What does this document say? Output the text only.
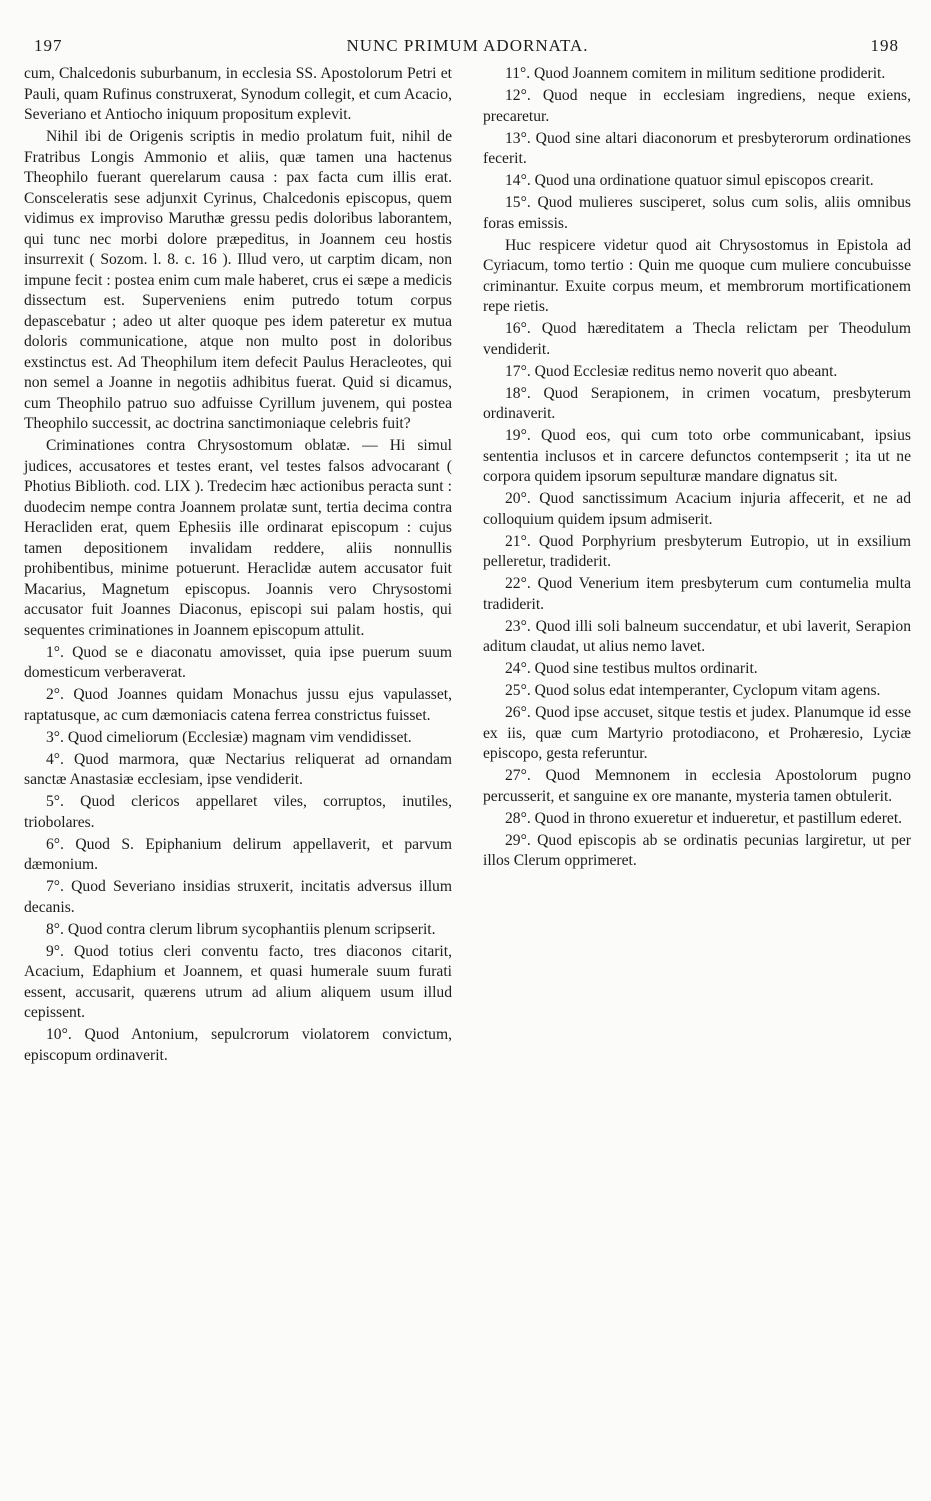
197	NUNC PRIMUM ADORNATA.	198

cum, Chalcedonis suburbanum, in ecclesia SS. Apostolorum Petri et Pauli, quam Rufinus construxerat, Synodum collegit, et cum Acacio, Severiano et Antiocho iniquum propositum explevit.

Nihil ibi de Origenis scriptis in medio prolatum fuit, nihil de Fratribus Longis Ammonio et aliis, quæ tamen una hactenus Theophilo fuerant querelarum causa : pax facta cum illis erat. Consceleratis sese adjunxit Cyrinus, Chalcedonis episcopus, quem vidimus ex improviso Maruthæ gressu pedis doloribus laborantem, qui tunc nec morbi dolore præpeditus, in Joannem ceu hostis insurrexit ( Sozom. l. 8. c. 16 ). Illud vero, ut carptim dicam, non impune fecit : postea enim cum male haberet, crus ei sæpe a medicis dissectum est. Superveniens enim putredo totum corpus depascebatur ; adeo ut alter quoque pes idem pateretur ex mutua doloris communicatione, atque non multo post in doloribus exstinctus est. Ad Theophilum item defecit Paulus Heracleotes, qui non semel a Joanne in negotiis adhibitus fuerat. Quid si dicamus, cum Theophilo patruo suo adfuisse Cyrillum juvenem, qui postea Theophilo successit, ac doctrina sanctimoniaque celebris fuit?

Criminationes contra Chrysostomum oblatæ. — Hi simul judices, accusatores et testes erant, vel testes falsos advocarant ( Photius Biblioth. cod. LIX ). Tredecim hæc actionibus peracta sunt : duodecim nempe contra Joannem prolatæ sunt, tertia decima contra Heracliden erat, quem Ephesiis ille ordinarat episcopum : cujus tamen depositionem invalidam reddere, aliis nonnullis prohibentibus, minime potuerunt. Heraclidæ autem accusator fuit Macarius, Magnetum episcopus. Joannis vero Chrysostomi accusator fuit Joannes Diaconus, episcopi sui palam hostis, qui sequentes criminationes in Joannem episcopum attulit.

1°. Quod se e diaconatu amovisset, quia ipse puerum suum domesticum verberaverat.

2°. Quod Joannes quidam Monachus jussu ejus vapulasset, raptatusque, ac cum dæmoniacis catena ferrea constrictus fuisset.

3°. Quod cimeliorum (Ecclesiæ) magnam vim vendidisset.

4°. Quod marmora, quæ Nectarius reliquerat ad ornandam sanctæ Anastasiæ ecclesiam, ipse vendiderit.

5°. Quod clericos appellaret viles, corruptos, inutiles, triobolares.

6°. Quod S. Epiphanium delirum appellaverit, et parvum dæmonium.

7°. Quod Severiano insidias struxerit, incitatis adversus illum decanis.

8°. Quod contra clerum librum sycophantiis plenum scripserit.

9°. Quod totius cleri conventu facto, tres diaconos citarit, Acacium, Edaphium et Joannem, et quasi humerale suum furati essent, accusarit, quærens utrum ad alium aliquem usum illud cepissent.

10°. Quod Antonium, sepulcrorum violatorem convictum, episcopum ordinaverit.

11°. Quod Joannem comitem in militum seditione prodiderit.

12°. Quod neque in ecclesiam ingrediens, neque exiens, precaretur.

13°. Quod sine altari diaconorum et presbyterorum ordinationes fecerit.

14°. Quod una ordinatione quatuor simul episcopos crearit.

15°. Quod mulieres susciperet, solus cum solis, aliis omnibus foras emissis.

Huc respicere videtur quod ait Chrysostomus in Epistola ad Cyriacum, tomo tertio : Quin me quoque cum muliere concubuisse criminantur. Exuite corpus meum, et membrorum mortificationem repe rietis.

16°. Quod hæreditatem a Thecla relictam per Theodulum vendiderit.

17°. Quod Ecclesiæ reditus nemo noverit quo abeant.

18°. Quod Serapionem, in crimen vocatum, presbyterum ordinaverit.

19°. Quod eos, qui cum toto orbe communicabant, ipsius sententia inclusos et in carcere defunctos contempserit ; ita ut ne corpora quidem ipsorum sepulturæ mandare dignatus sit.

20°. Quod sanctissimum Acacium injuria affecerit, et ne ad colloquium quidem ipsum admiserit.

21°. Quod Porphyrium presbyterum Eutropio, ut in exsilium pelleretur, tradiderit.

22°. Quod Venerium item presbyterum cum contumelia multa tradiderit.

23°. Quod illi soli balneum succendatur, et ubi laverit, Serapion aditum claudat, ut alius nemo lavet.

24°. Quod sine testibus multos ordinarit.

25°. Quod solus edat intemperanter, Cyclopum vitam agens.

26°. Quod ipse accuset, sitque testis et judex. Planumque id esse ex iis, quæ cum Martyrio protodiacono, et Prohæresio, Lyciæ episcopo, gesta referuntur.

27°. Quod Memnonem in ecclesia Apostolorum pugno percusserit, et sanguine ex ore manante, mysteria tamen obtulerit.

28°. Quod in throno exueretur et indueretur, et pastillum ederet.

29°. Quod episcopis ab se ordinatis pecunias largiretur, ut per illos Clerum opprimeret.
